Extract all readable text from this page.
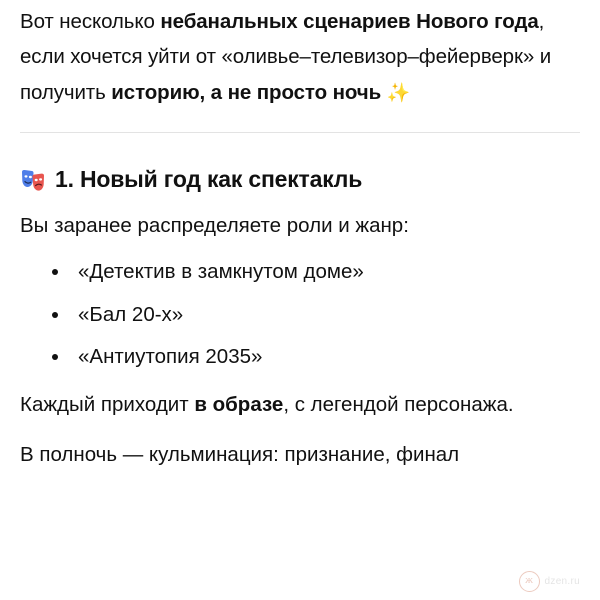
Вот несколько небанальных сценариев Нового года, если хочется уйти от «оливье–телевизор–фейерверк» и получить историю, а не просто ночь ✨

1. Новый год как спектакль

Вы заранее распределяете роли и жанр:

«Детектив в замкнутом доме»
«Бал 20-х»
«Антиутопия 2035»

Каждый приходит в образе, с легендой персонажа.

В полночь — кульминация: признание, финал

ж	dzen.ru
